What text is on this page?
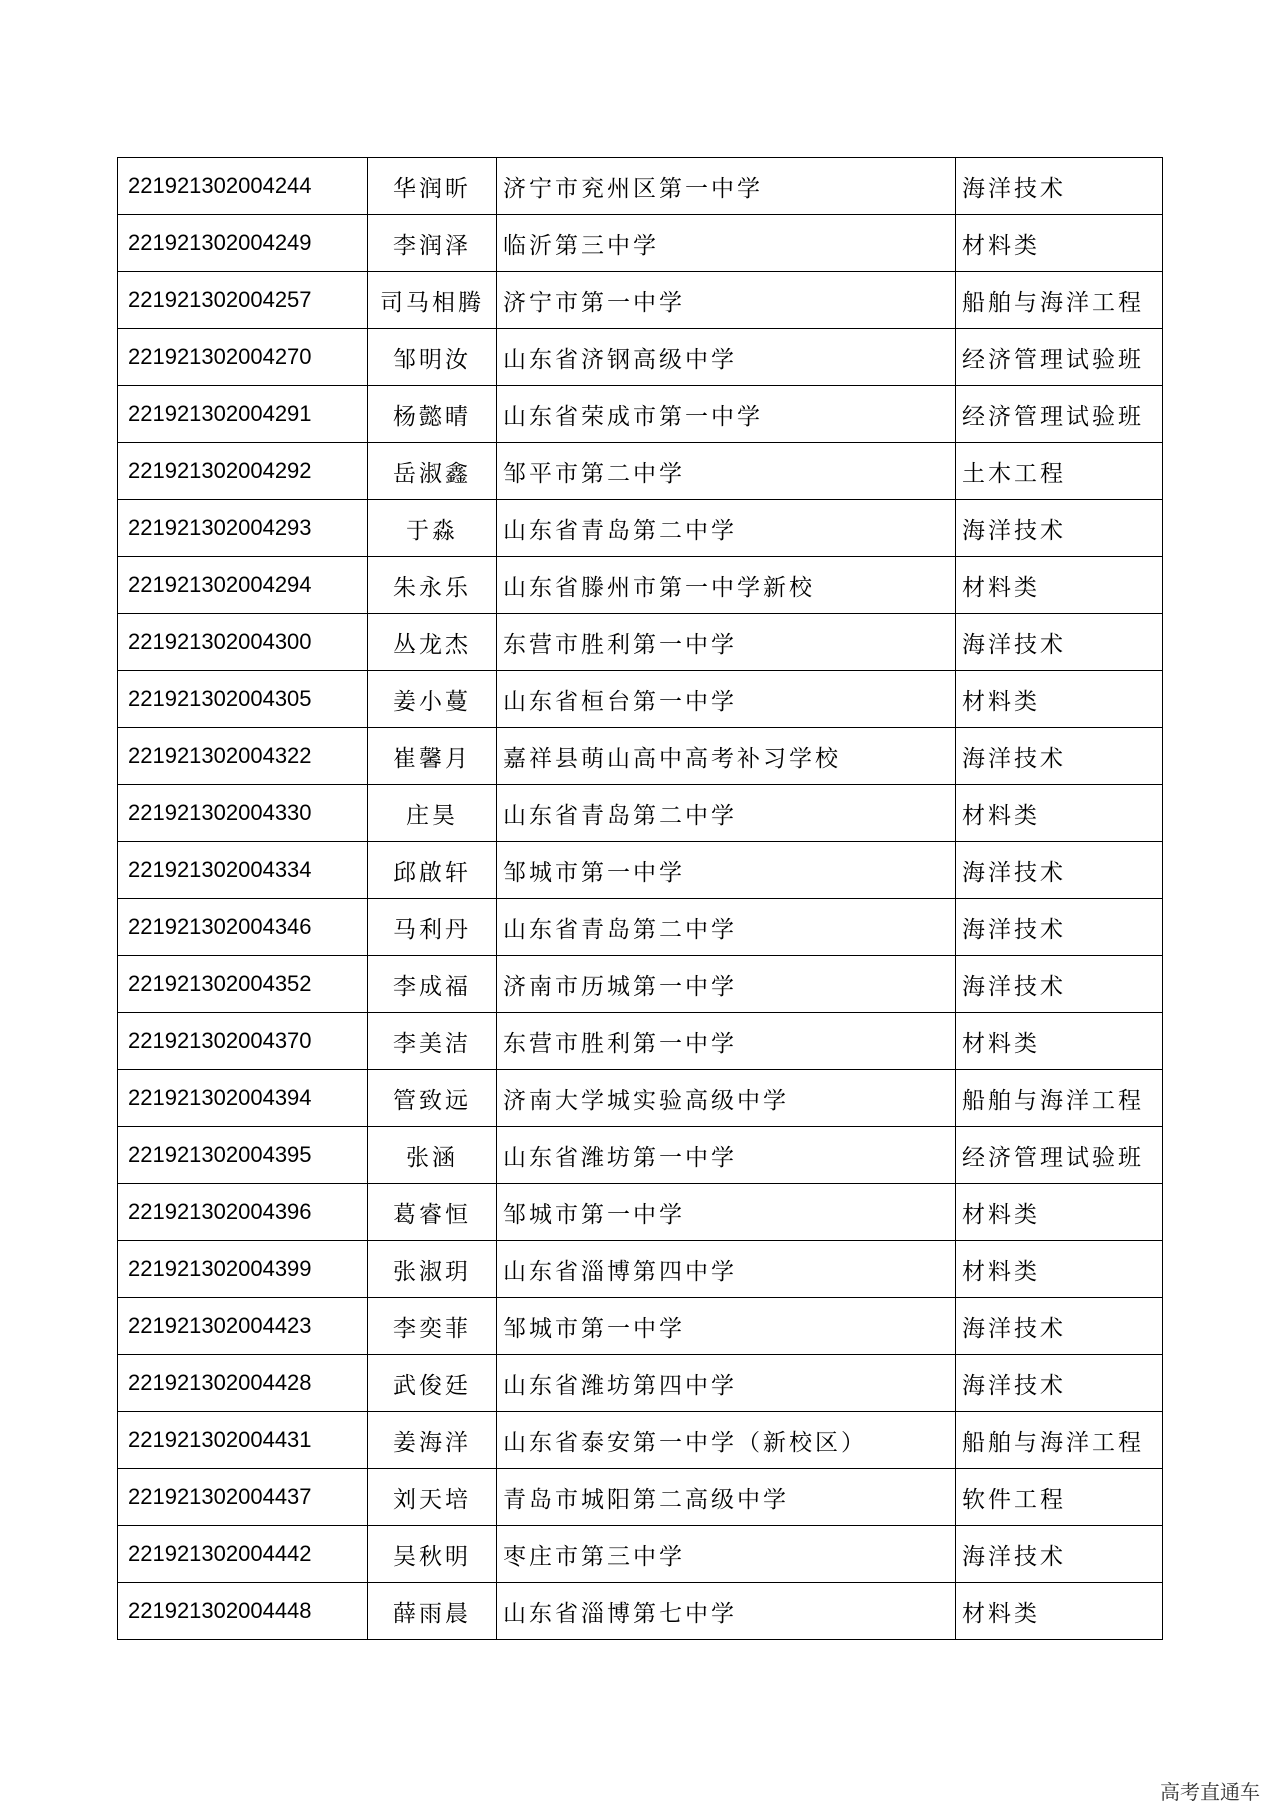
221921302004244	华润昕	济宁市兖州区第一中学	海洋技术
221921302004249	李润泽	临沂第三中学	材料类
221921302004257	司马相腾	济宁市第一中学	船舶与海洋工程
221921302004270	邹明汝	山东省济钢高级中学	经济管理试验班
221921302004291	杨懿晴	山东省荣成市第一中学	经济管理试验班
221921302004292	岳淑鑫	邹平市第二中学	土木工程
221921302004293	于淼	山东省青岛第二中学	海洋技术
221921302004294	朱永乐	山东省滕州市第一中学新校	材料类
221921302004300	丛龙杰	东营市胜利第一中学	海洋技术
221921302004305	姜小蔓	山东省桓台第一中学	材料类
221921302004322	崔馨月	嘉祥县萌山高中高考补习学校	海洋技术
221921302004330	庄昊	山东省青岛第二中学	材料类
221921302004334	邱啟轩	邹城市第一中学	海洋技术
221921302004346	马利丹	山东省青岛第二中学	海洋技术
221921302004352	李成福	济南市历城第一中学	海洋技术
221921302004370	李美洁	东营市胜利第一中学	材料类
221921302004394	管致远	济南大学城实验高级中学	船舶与海洋工程
221921302004395	张涵	山东省潍坊第一中学	经济管理试验班
221921302004396	葛睿恒	邹城市第一中学	材料类
221921302004399	张淑玥	山东省淄博第四中学	材料类
221921302004423	李奕菲	邹城市第一中学	海洋技术
221921302004428	武俊廷	山东省潍坊第四中学	海洋技术
221921302004431	姜海洋	山东省泰安第一中学（新校区）	船舶与海洋工程
221921302004437	刘天培	青岛市城阳第二高级中学	软件工程
221921302004442	吴秋明	枣庄市第三中学	海洋技术
221921302004448	薛雨晨	山东省淄博第七中学	材料类
高考直通车
